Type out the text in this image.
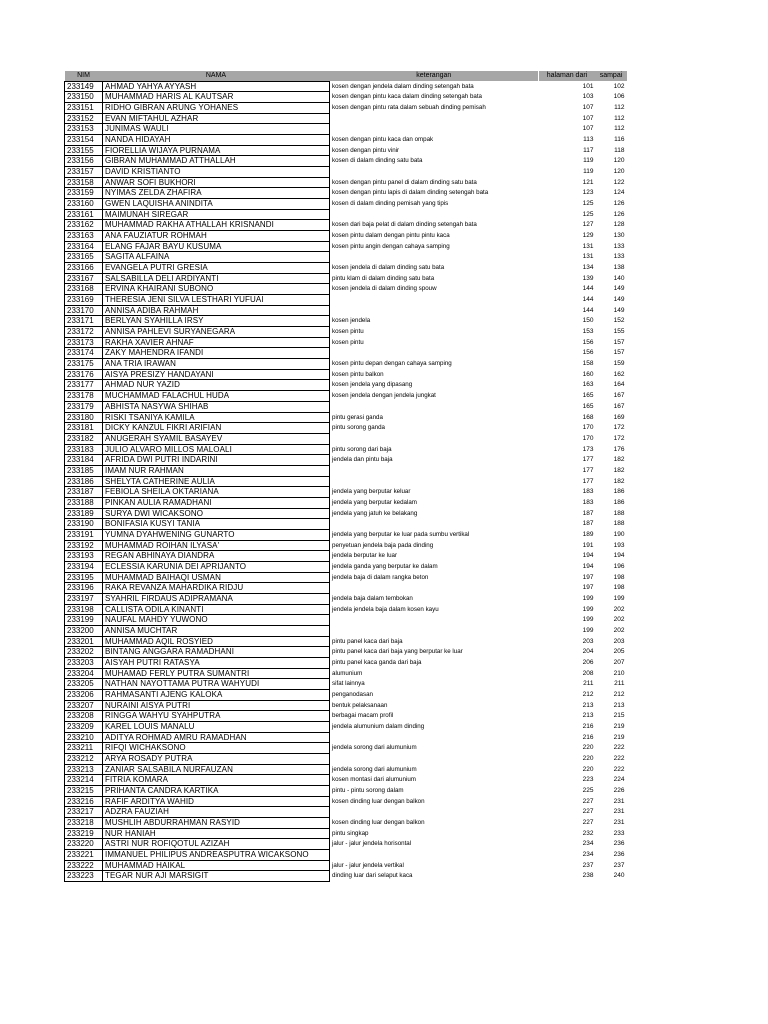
NIM	NAMA	keterangan	halaman dari	sampai
233149	AHMAD YAHYA AYYASH	kosen dengan jendela dalam dinding setengah bata	101	102
233150	MUHAMMAD HARIS AL KAUTSAR	kosen dengan pintu kaca dalam dinding setengah bata	103	106
233151	RIDHO GIBRAN ARUNG YOHANES	kosen dengan pintu rata dalam sebuah dinding pemisah	107	112
233152	EVAN MIFTAHUL AZHAR		107	112
233153	JUNIMAS WAULI		107	112
233154	NANDA HIDAYAH	kosen dengan pintu kaca dan ompak	113	116
233155	FIORELLIA WIJAYA PURNAMA	kosen dengan pintu vinir	117	118
233156	GIBRAN MUHAMMAD ATTHALLAH	kosen di dalam dinding satu bata	119	120
233157	DAVID KRISTIANTO		119	120
233158	ANWAR SOFI BUKHORI	kosen dengan pintu panel di dalam dinding satu bata	121	122
233159	NYIMAS ZELDA ZHAFIRA	kosen dengan pintu lapis di dalam dinding setengah bata	123	124
233160	GWEN LAQUISHA ANINDITA	kosen di dalam dinding pemisah yang tipis	125	126
233161	MAIMUNAH SIREGAR		125	126
233162	MUHAMMAD RAKHA ATHALLAH KRISNANDI	kosen dari baja pelat di dalam dinding setengah bata	127	128
233163	ANA FAUZIATUR ROHMAH	kosen pintu dalam dengan pintu pintu kaca	129	130
233164	ELANG FAJAR BAYU KUSUMA	kosen pintu angin dengan cahaya samping	131	133
233165	SAGITA ALFAINA		131	133
233166	EVANGELA PUTRI GRESIA	kosen jendela di dalam dinding satu bata	134	138
233167	SALSABILLA DELI ARDIYANTI	pintu klam di dalam dinding satu bata	139	140
233168	ERVINA KHAIRANI SUBONO	kosen jendela di dalam dinding spouw	144	149
233169	THERESIA JENI SILVA LESTHARI YUFUAI		144	149
233170	ANNISA ADIBA RAHMAH		144	149
233171	BERLYAN SYAHILLA IRSY	kosen jendela	150	152
233172	ANNISA PAHLEVI SURYANEGARA	kosen pintu	153	155
233173	RAKHA XAVIER AHNAF	kosen pintu	156	157
233174	ZAKY MAHENDRA IFANDI		156	157
233175	ANA TRIA IRAWAN	kosen pintu depan dengan cahaya samping	158	159
233176	AISYA PRESIZY HANDAYANI	kosen pintu balkon	160	162
233177	AHMAD NUR YAZID	kosen jendela yang dipasang	163	164
233178	MUCHAMMAD FALACHUL HUDA	kosen jendela dengan jendela jungkat	165	167
233179	ABHISTA NASYWA SHIHAB		165	167
233180	RISKI TSANIYA KAMILA	pintu gerasi ganda	168	169
233181	DICKY KANZUL FIKRI ARIFIAN	pintu sorong ganda	170	172
233182	ANUGERAH SYAMIL BASAYEV		170	172
233183	JULIO ALVARO MILLOS MALOALI	pintu sorong dari baja	173	176
233184	AFRIDA DWI PUTRI INDARINI	jendela dan pintu baja	177	182
233185	IMAM NUR RAHMAN		177	182
233186	SHELYTA CATHERINE AULIA		177	182
233187	FEBIOLA SHEILA OKTARIANA	jendela yang berputar keluar	183	186
233188	PINKAN AULIA RAMADHANI	jendela yang berputar kedalam	183	186
233189	SURYA DWI WICAKSONO	jendela yang jatuh ke belakang	187	188
233190	BONIFASIA KUSYI TANIA		187	188
233191	YUMNA DYAHWENING GUNARTO	jendela yang berputar ke luar pada sumbu vertikal	189	190
233192	MUHAMMAD ROIHAN ILYASA'	penyetuan jendela baja pada dinding	191	193
233193	REGAN ABHINAYA DIANDRA	jendela berputar ke luar	194	194
233194	ECLESSIA KARUNIA DEI APRIJANTO	jendela ganda yang berputar ke dalam	194	196
233195	MUHAMMAD BAIHAQI USMAN	jendela baja di dalam rangka beton	197	198
233196	RAKA REVANZA MAHARDIKA RIDJU		197	198
233197	SYAHRIL FIRDAUS ADIPRAMANA	jendela baja dalam tembokan	199	199
233198	CALLISTA ODILA KINANTI	jendela jendela baja dalam kosen kayu	199	202
233199	NAUFAL MAHDY YUWONO		199	202
233200	ANNISA MUCHTAR		199	202
233201	MUHAMMAD AQIL ROSYIED	pintu panel kaca dari baja	203	203
233202	BINTANG ANGGARA RAMADHANI	pintu panel kaca dari baja yang berputar ke luar	204	205
233203	AISYAH PUTRI RATASYA	pintu panel kaca ganda dari baja	206	207
233204	MUHAMAD FERLY PUTRA SUMANTRI	alumunium	208	210
233205	NATHAN NAYOTTAMA PUTRA WAHYUDI	sifat lainnya	211	211
233206	RAHMASANTI AJENG KALOKA	penganodasan	212	212
233207	NURAINI AISYA PUTRI	bentuk pelaksanaan	213	213
233208	RINGGA WAHYU SYAHPUTRA	berbagai macam profil	213	215
233209	KAREL LOUIS MANALU	jendela alumunium dalam dinding	216	219
233210	ADITYA ROHMAD AMRU RAMADHAN		216	219
233211	RIFQI WICHAKSONO	jendela sorong dari alumunium	220	222
233212	ARYA ROSADY PUTRA		220	222
233213	ZANIAR SALSABILA NURFAUZAN	jendela sorong dari alumunium	220	222
233214	FITRIA KOMARA	kosen montasi dari alumunium	223	224
233215	PRIHANTA CANDRA KARTIKA	pintu - pintu sorong dalam	225	226
233216	RAFIF ARDITYA WAHID	kosen dinding luar dengan balkon	227	231
233217	ADZRA FAUZIAH		227	231
233218	MUSHLIH ABDURRAHMAN RASYID	kosen dinding luar dengan balkon	227	231
233219	NUR HANIAH	pintu singkap	232	233
233220	ASTRI NUR ROFIQOTUL AZIZAH	jalur - jalur jendela horisontal	234	236
233221	IMMANUEL PHILIPUS ANDREASPUTRA WICAKSONO		234	236
233222	MUHAMMAD HAIKAL	jalur - jalur jendela vertikal	237	237
233223	TEGAR NUR AJI MARSIGIT	dinding luar dari selaput kaca	238	240
